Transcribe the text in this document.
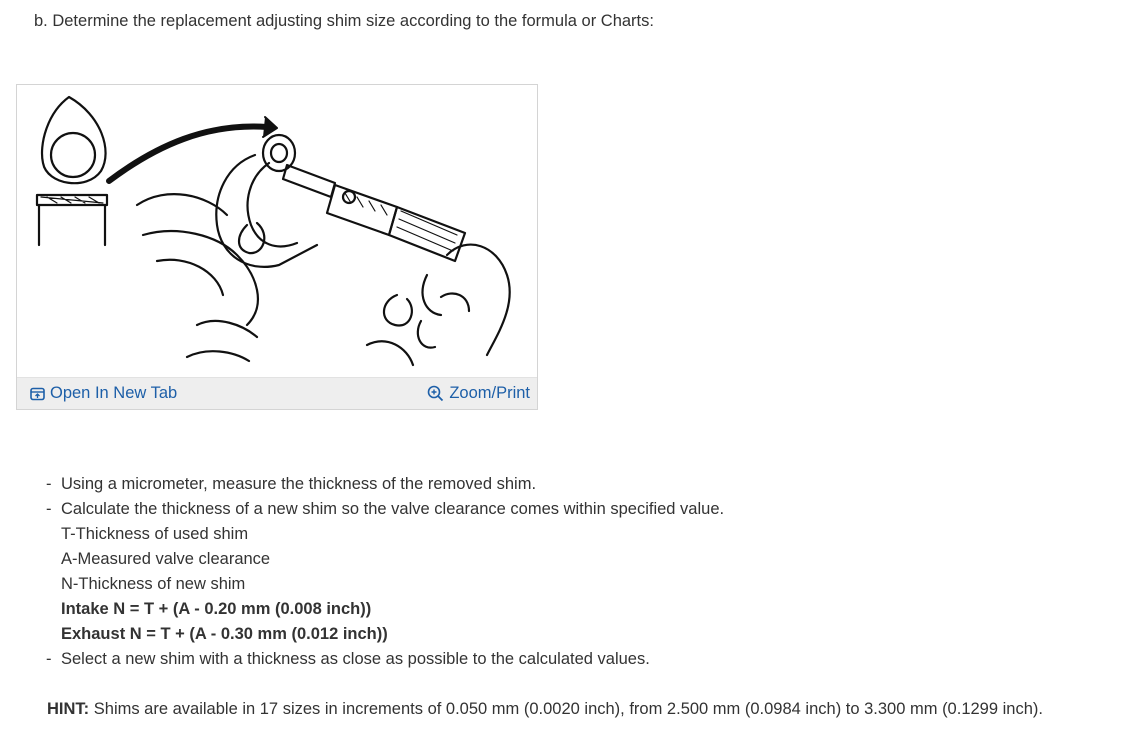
b. Determine the replacement adjusting shim size according to the formula or Charts:
Open In New Tab	Zoom/Print
- Using a micrometer, measure the thickness of the removed shim.
- Calculate the thickness of a new shim so the valve clearance comes within specified value.
T-Thickness of used shim
A-Measured valve clearance
N-Thickness of new shim
Intake N = T + (A - 0.20 mm (0.008 inch))
Exhaust N = T + (A - 0.30 mm (0.012 inch))
- Select a new shim with a thickness as close as possible to the calculated values.
HINT: Shims are available in 17 sizes in increments of 0.050 mm (0.0020 inch), from 2.500 mm (0.0984 inch) to 3.300 mm (0.1299 inch).
